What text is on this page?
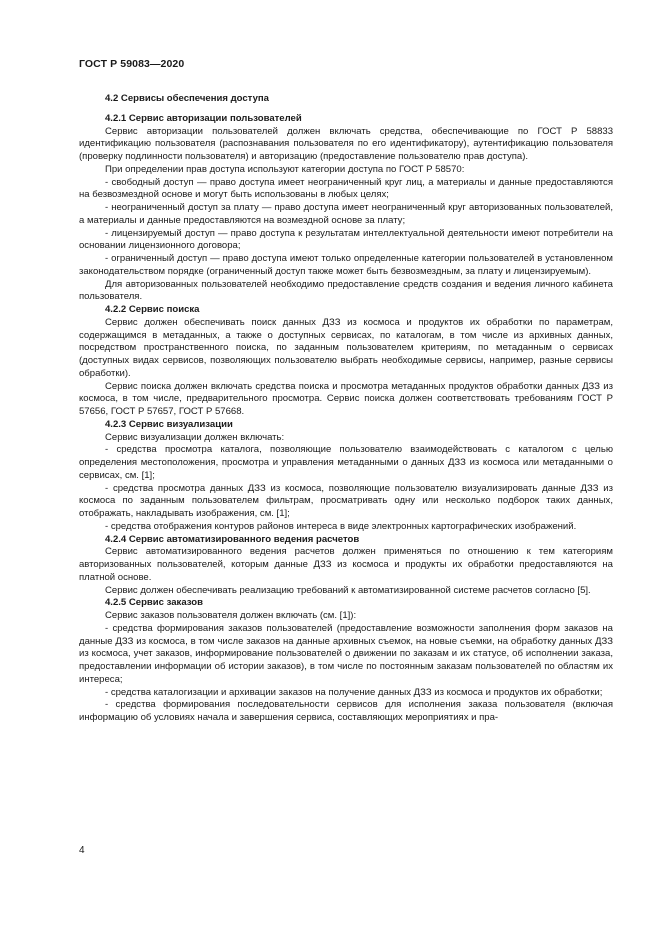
ГОСТ Р 59083—2020
4.2 Сервисы обеспечения доступа
4.2.1 Сервис авторизации пользователей

Сервис авторизации пользователей должен включать средства, обеспечивающие по ГОСТ Р 58833 идентификацию пользователя (распознавания пользователя по его идентификатору), аутентификацию пользователя (проверку подлинности пользователя) и авторизацию (предоставление пользователю прав доступа).

При определении прав доступа используют категории доступа по ГОСТ Р 58570:

- свободный доступ — право доступа имеет неограниченный круг лиц, а материалы и данные предоставляются на безвозмездной основе и могут быть использованы в любых целях;

- неограниченный доступ за плату — право доступа имеет неограниченный круг авторизованных пользователей, а материалы и данные предоставляются на возмездной основе за плату;

- лицензируемый доступ — право доступа к результатам интеллектуальной деятельности имеют потребители на основании лицензионного договора;

- ограниченный доступ — право доступа имеют только определенные категории пользователей в установленном законодательством порядке (ограниченный доступ также может быть безвозмездным, за плату и лицензируемым).

Для авторизованных пользователей необходимо предоставление средств создания и ведения личного кабинета пользователя.

4.2.2 Сервис поиска

Сервис должен обеспечивать поиск данных ДЗЗ из космоса и продуктов их обработки по параметрам, содержащимся в метаданных, а также о доступных сервисах, по каталогам, в том числе из архивных данных, посредством пространственного поиска, по заданным пользователем критериям, по метаданным о сервисах (доступных видах сервисов, позволяющих пользователю выбрать необходимые сервисы, например, разные сервисы обработки).

Сервис поиска должен включать средства поиска и просмотра метаданных продуктов обработки данных ДЗЗ из космоса, в том числе, предварительного просмотра. Сервис поиска должен соответствовать требованиям ГОСТ Р 57656, ГОСТ Р 57657, ГОСТ Р 57668.

4.2.3 Сервис визуализации

Сервис визуализации должен включать:

- средства просмотра каталога, позволяющие пользователю взаимодействовать с каталогом с целью определения местоположения, просмотра и управления метаданными о данных ДЗЗ из космоса или метаданными о сервисах, см. [1];

- средства просмотра данных ДЗЗ из космоса, позволяющие пользователю визуализировать данные ДЗЗ из космоса по заданным пользователем фильтрам, просматривать одну или несколько подборок таких данных, отображать, накладывать изображения, см. [1];

- средства отображения контуров районов интереса в виде электронных картографических изображений.

4.2.4 Сервис автоматизированного ведения расчетов

Сервис автоматизированного ведения расчетов должен применяться по отношению к тем категориям авторизованных пользователей, которым данные ДЗЗ из космоса и продукты их обработки предоставляются на платной основе.

Сервис должен обеспечивать реализацию требований к автоматизированной системе расчетов согласно [5].

4.2.5 Сервис заказов

Сервис заказов пользователя должен включать (см. [1]):

- средства формирования заказов пользователей (предоставление возможности заполнения форм заказов на данные ДЗЗ из космоса, в том числе заказов на данные архивных съемок, на новые съемки, на обработку данных ДЗЗ из космоса, учет заказов, информирование пользователей о движении по заказам и их статусе, об исполнении заказа, предоставлении информации об истории заказов), в том числе по постоянным заказам пользователей по областям их интереса;

- средства каталогизации и архивации заказов на получение данных ДЗЗ из космоса и продуктов их обработки;

- средства формирования последовательности сервисов для исполнения заказа пользователя (включая информацию об условиях начала и завершения сервиса, составляющих мероприятиях и пра-

4
